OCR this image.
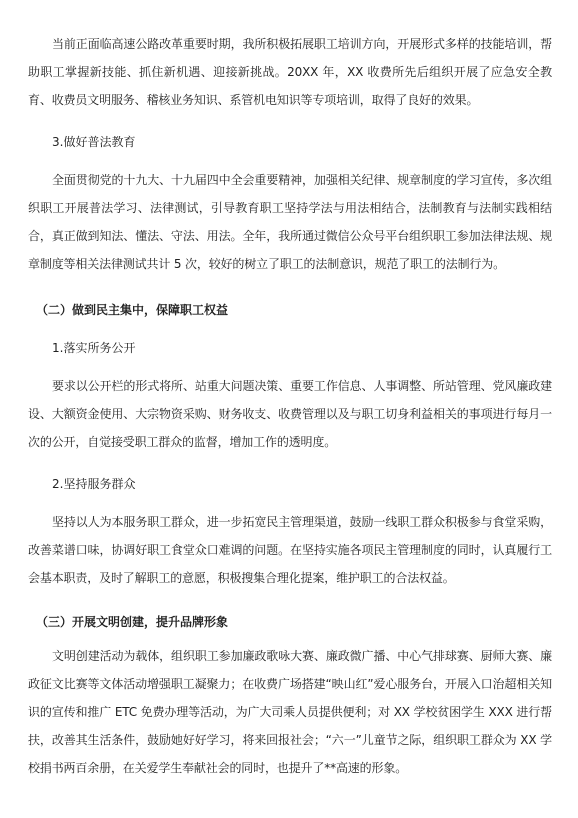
当前正面临高速公路改革重要时期，我所积极拓展职工培训方向，开展形式多样的技能培训，帮助职工掌握新技能、抓住新机遇、迎接新挑战。20XX 年，XX 收费所先后组织开展了应急安全教育、收费员文明服务、稽核业务知识、系管机电知识等专项培训，取得了良好的效果。

3.做好普法教育

全面贯彻党的十九大、十九届四中全会重要精神，加强相关纪律、规章制度的学习宣传，多次组织职工开展普法学习、法律测试，引导教育职工坚持学法与用法相结合，法制教育与法制实践相结合，真正做到知法、懂法、守法、用法。全年，我所通过微信公众号平台组织职工参加法律法规、规章制度等相关法律测试共计 5 次，较好的树立了职工的法制意识，规范了职工的法制行为。

（二）做到民主集中，保障职工权益

1.落实所务公开

要求以公开栏的形式将所、站重大问题决策、重要工作信息、人事调整、所站管理、党风廉政建设、大额资金使用、大宗物资采购、财务收支、收费管理以及与职工切身利益相关的事项进行每月一次的公开，自觉接受职工群众的监督，增加工作的透明度。

2.坚持服务群众

坚持以人为本服务职工群众，进一步拓宽民主管理渠道，鼓励一线职工群众积极参与食堂采购，改善菜谱口味，协调好职工食堂众口难调的问题。在坚持实施各项民主管理制度的同时，认真履行工会基本职责，及时了解职工的意愿，积极搜集合理化提案，维护职工的合法权益。

（三）开展文明创建，提升品牌形象

文明创建活动为载体，组织职工参加廉政歌咏大赛、廉政微广播、中心气排球赛、厨师大赛、廉政征文比赛等文体活动增强职工凝聚力；在收费广场搭建“映山红”爱心服务台，开展入口治超相关知识的宣传和推广 ETC 免费办理等活动，为广大司乘人员提供便利；对 XX 学校贫困学生 XXX 进行帮扶，改善其生活条件，鼓励她好好学习，将来回报社会；“六一”儿童节之际，组织职工群众为 XX 学校捐书两百余册，在关爱学生奉献社会的同时，也提升了**高速的形象。
